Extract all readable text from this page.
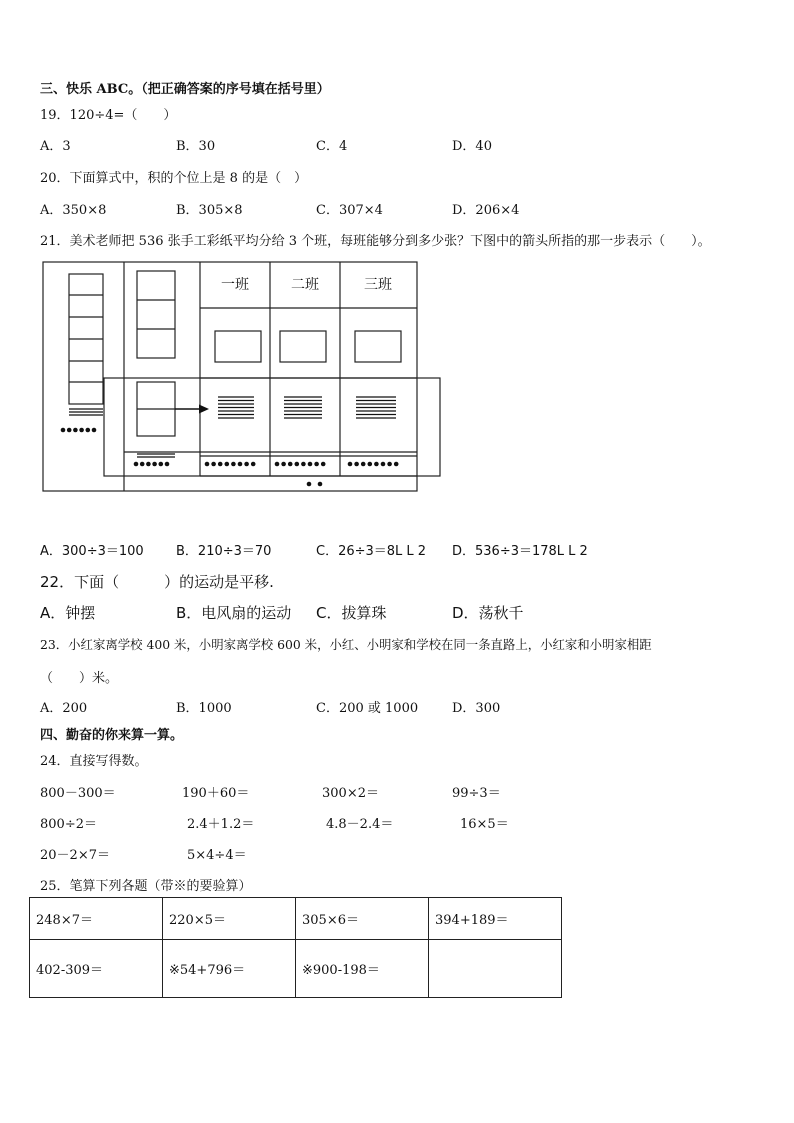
三、快乐 ABC。（把正确答案的序号填在括号里）
19．120÷4=（　　）
A．3	B．30	C．4	D．40
20．下面算式中，积的个位上是 8 的是（　）
A．350×8	B．305×8	C．307×4	D．206×4
21．美术老师把 536 张手工彩纸平均分给 3 个班，每班能够分到多少张？下图中的箭头所指的那一步表示（　　）。
一班	二班	三班
A．300÷3＝100 B．210÷3＝70	C．26÷3＝8L L 2 D．536÷3＝178L L 2
22．下面（　　　）的运动是平移.
A．钟摆	B．电风扇的运动 C．拔算珠	D．荡秋千
23．小红家离学校 400 米，小明家离学校 600 米，小红、小明家和学校在同一条直路上，小红家和小明家相距
（　　）米。
A．200	B．1000	C．200 或 1000	D．300
四、勤奋的你来算一算。
24．直接写得数。
800－300＝	190＋60＝	300×2＝	99÷3＝
800÷2＝	2.4＋1.2＝	4.8－2.4＝	16×5＝
20－2×7＝	5×4÷4＝
25．笔算下列各题（带※的要验算）
248×7＝	220×5＝	305×6＝	394+189＝
402-309＝	※54+796＝	※900-198＝	
